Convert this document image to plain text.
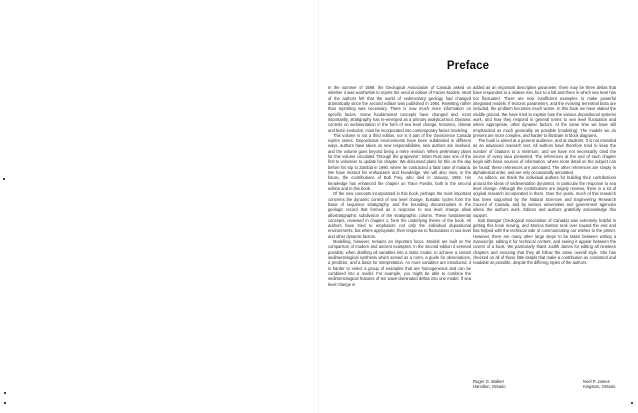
Preface

In the summer of 1989, the Geological Association of Canada asked us whether it was worthwhile to reprint the second edition of Facies Models. Most of the authors felt that the world of sedimentary geology had changed dramatically since the second edition was published in 1984. Rewriting rather than reprinting was necessary. There is now much more information on specific facies. Some fundamental concepts have changed and, most importantly, stratigraphy has re-emerged as a primary analytical tool. Dynamic controls on sedimentation in the form of sea level change, tectonics, climate and biotic evolution, must be incorporated into contemporary facies modeling.

This volume is not a third edition, nor is it part of the Geoscience Canada reprint series. Depositional environments have been subdivided in different ways, authors have taken on new responsibilities, new authors are involved, and the volume goes beyond being a mere revision. When preliminary plans for this volume circulated "through the grapevine", Brian Rust was one of the first to volunteer to update his chapter. We discussed plans for this on the day before his trip to Zambia in 1990, where he contracted a fatal case of malaria. We have missed his enthusiasm and knowledge. We will also miss, in the future, the contributions of Bob Frey, who died in January, 1992. His knowledge has enhanced the chapter on Trace Fossils, both in the second edition and in this book.

Of the new concepts incorporated in this book, perhaps the most important concerns the dynamic control of sea level change. Eustatic cycles form the basis of sequence stratigraphy, and the bounding discontinuities in the geologic record that formed as a response to sea level change allow allostratigraphic subdivision of the stratigraphic column. These fundamental concepts, reviewed in chapter 1, form the underlying theme of the book. All authors have tried to emphasize not only the individual depositional environments, but where appropriate, their response to fluctuations in sea level and other dynamic factors.

Modelling, however, remains an important focus. Models are built on the comparison of modern and ancient examples. In the second edition it seemed possible, when distilling all variables into a static model, to achieve a certain sedimentological synthesis which served as a norm, a guide for observations, a predictor, and a basis for interpretation. As more variables are introduced, it is harder to select a group of examples that are homogeneous and can be combined into a model. For example, you might be able to combine the sedimentological features of ten wave-dominated deltas into one model. If sea level change is

added as an important descriptive parameter, there may be three deltas that have responded to a relative rise, four to a fall and three in which sea level has not fluctuated. There are now insufficient examples to make powerful integrated models. If tectonic parameters, and the evolving terrestrial biota are included, the problem becomes much worse. In this book we have staked the middle ground. We have tried to explain how the various depositional systems work, and how they respond in general terms to sea level fluctuation and where appropriate, other dynamic factors. At the same time we have still emphasized as much generality as possible (modeling). The models we do present are more complex, and harder to illustrate in block diagrams.

The book is aimed at a general audience, and at students. It is not intended as an advanced research text. All authors have therefore tried to keep the number of citations to a minimum, and we have not necessarily cited the source of every idea presented. The references at the end of each chapter begin with basic sources of information, where more detail on the subject can be found; these references are annotated. The other references are simply in alphabetical order, and are only occasionally annotated.

As editors, we thank the individual authors for building their contributions around the ideas of sedimentation dynamics, in particular the response to sea level change. Although the contributions are largely reviews, there is a lot of original research incorporated in them. Over the years, much of this research has been supported by the Natural Sciences and Engineering Research Council of Canada, and by various universities and government agencies where the authors work. Editors and authors gratefully acknowledge this support.

Bob Baragar (Geological Association of Canada) was extremely helpful in getting this book moving, and Monica Easton took over toward the end and has helped with the technical side of communicating our wishes to the printer. However, there are many other large steps to be taken between writing a manuscript, editing it for technical content, and seeing it appear between the covers of a book. We particularly thank Judith James for editing all nineteen chapters and ensuring that they all follow the same overall style. She has checked on all of those little details that make a contribution as consistent and readable as possible, despite the differing styles of the authors.

Roger G. Walker
Hamilton, Ontario
Noel P. James
Kingston, Ontario
